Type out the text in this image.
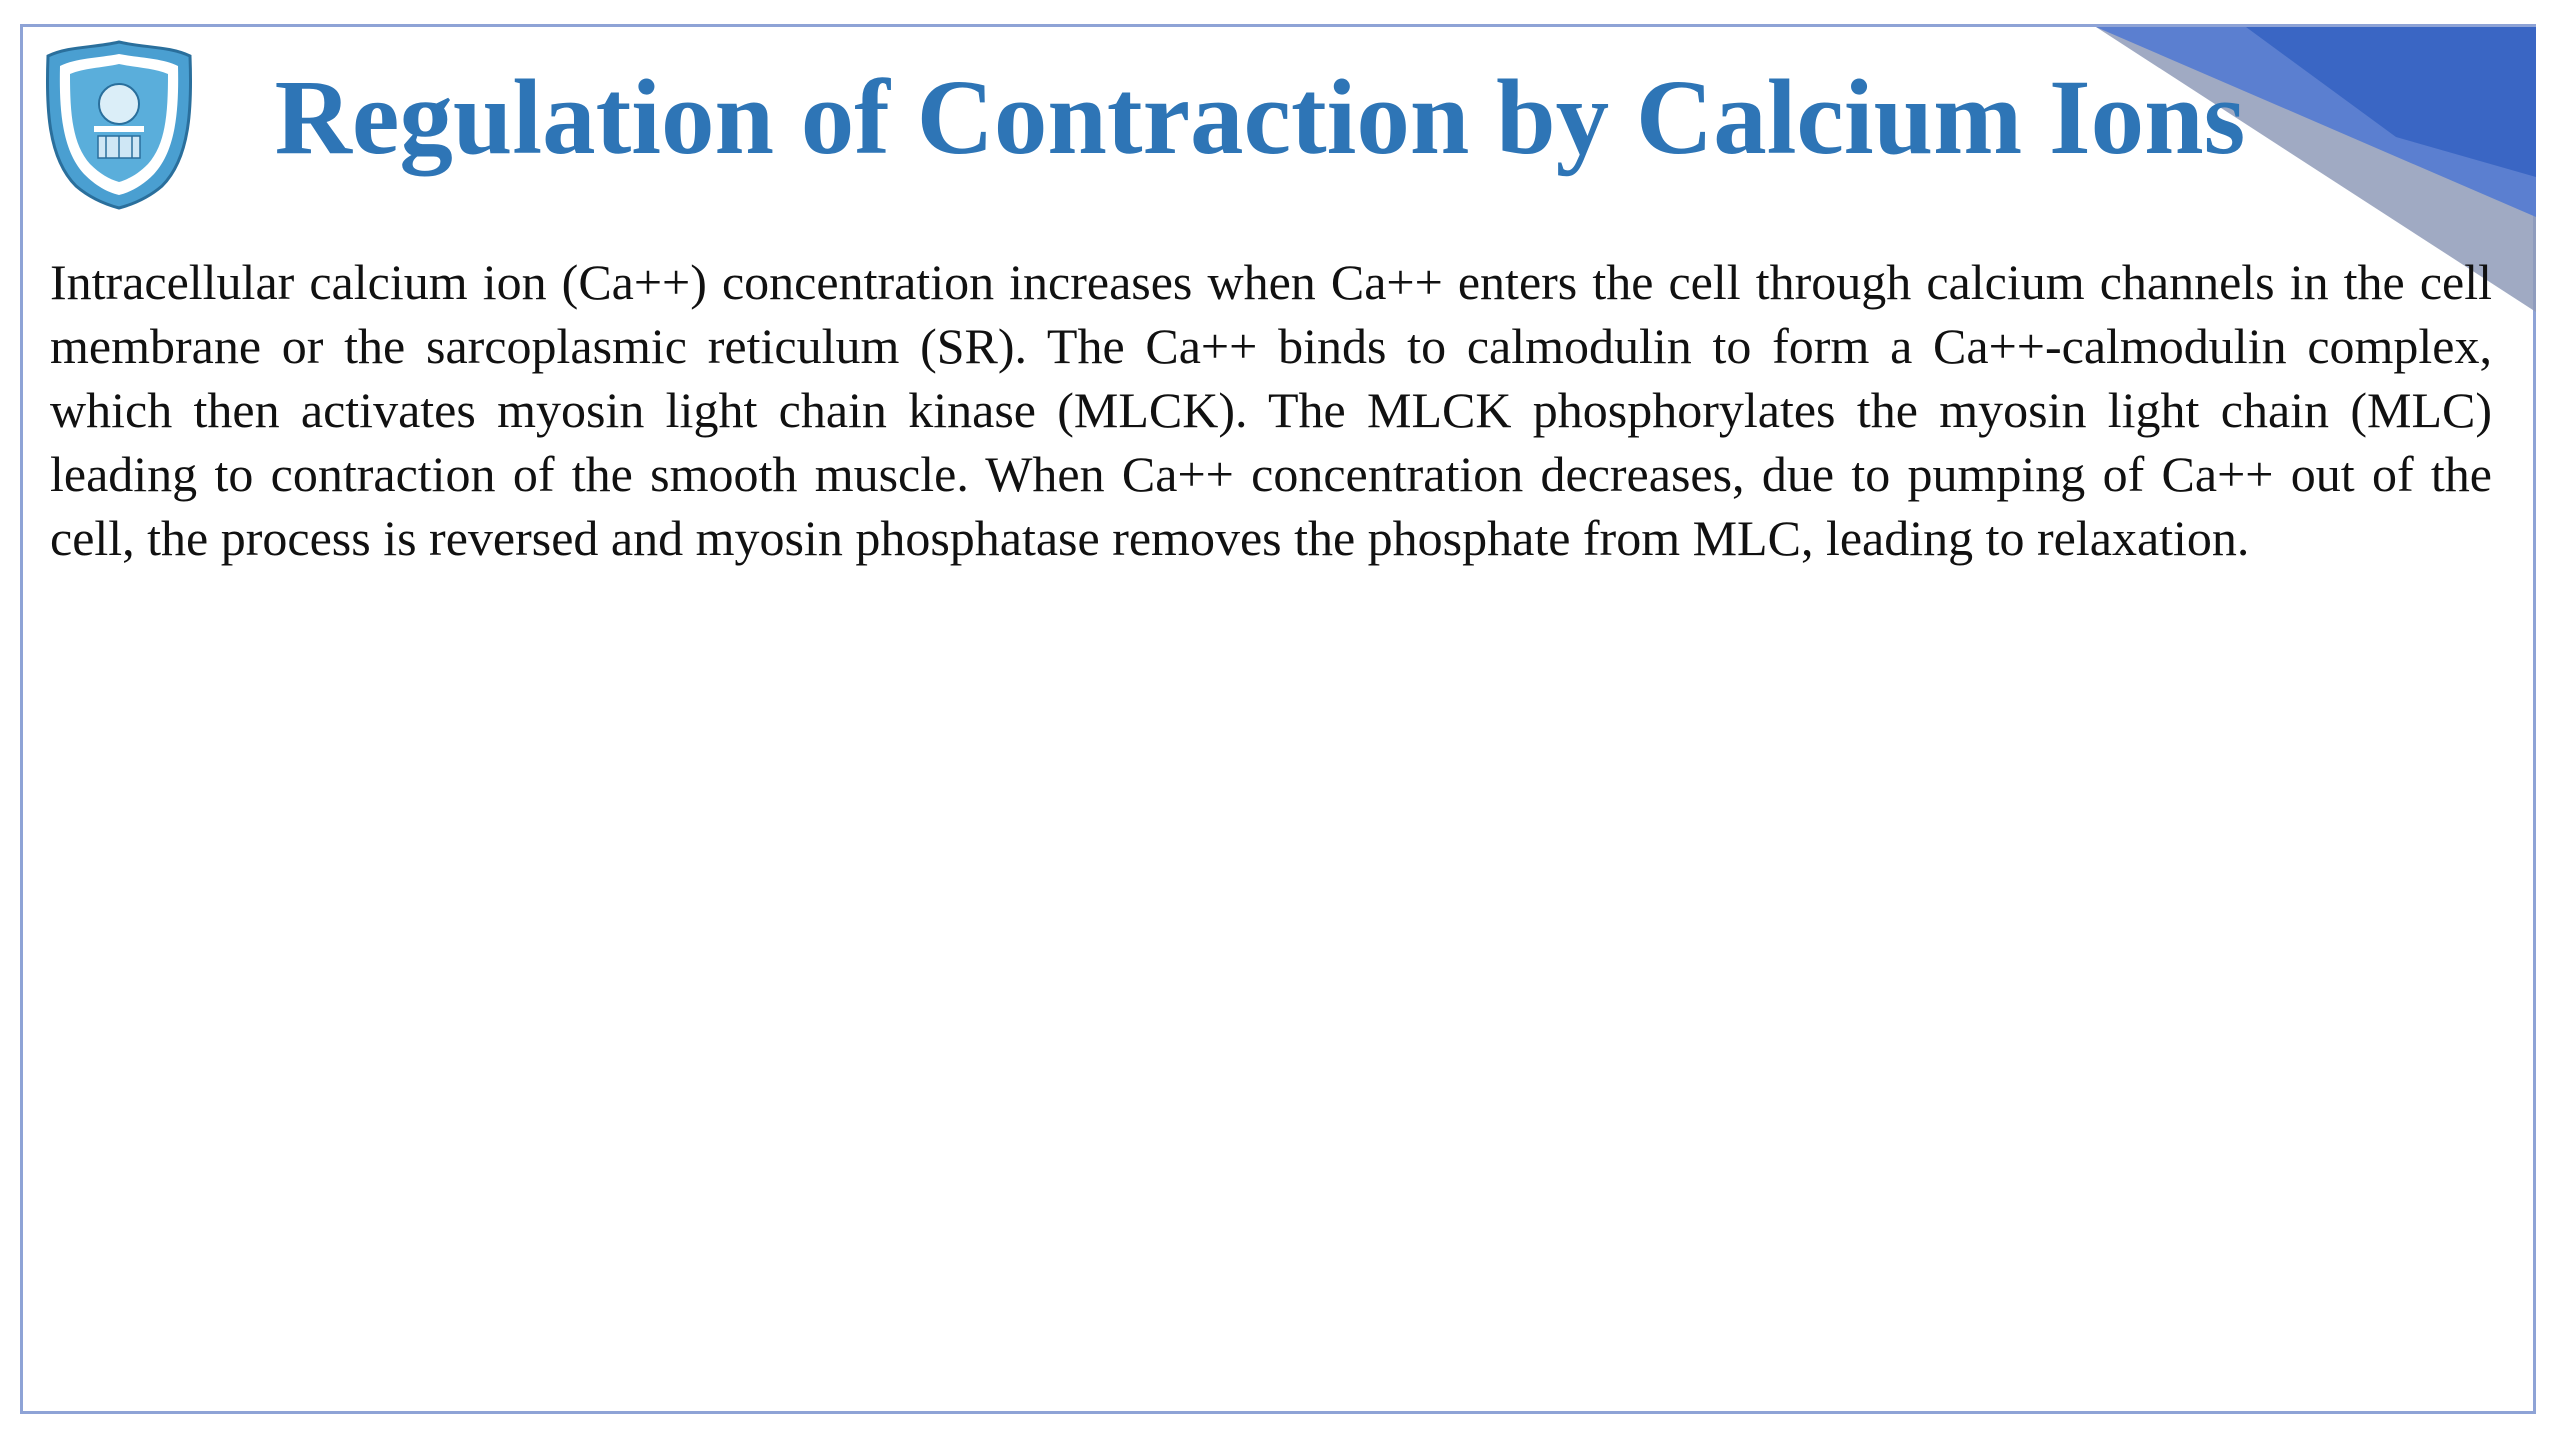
Regulation of Contraction by Calcium Ions
Intracellular calcium ion (Ca++) concentration increases when Ca++ enters the cell through calcium channels in the cell membrane or the sarcoplasmic reticulum (SR). The Ca++ binds to calmodulin to form a Ca++-calmodulin complex, which then activates myosin light chain kinase (MLCK). The MLCK phosphorylates the myosin light chain (MLC) leading to contraction of the smooth muscle. When Ca++ concentration decreases, due to pumping of Ca++ out of the cell, the process is reversed and myosin phosphatase removes the phosphate from MLC, leading to relaxation.
